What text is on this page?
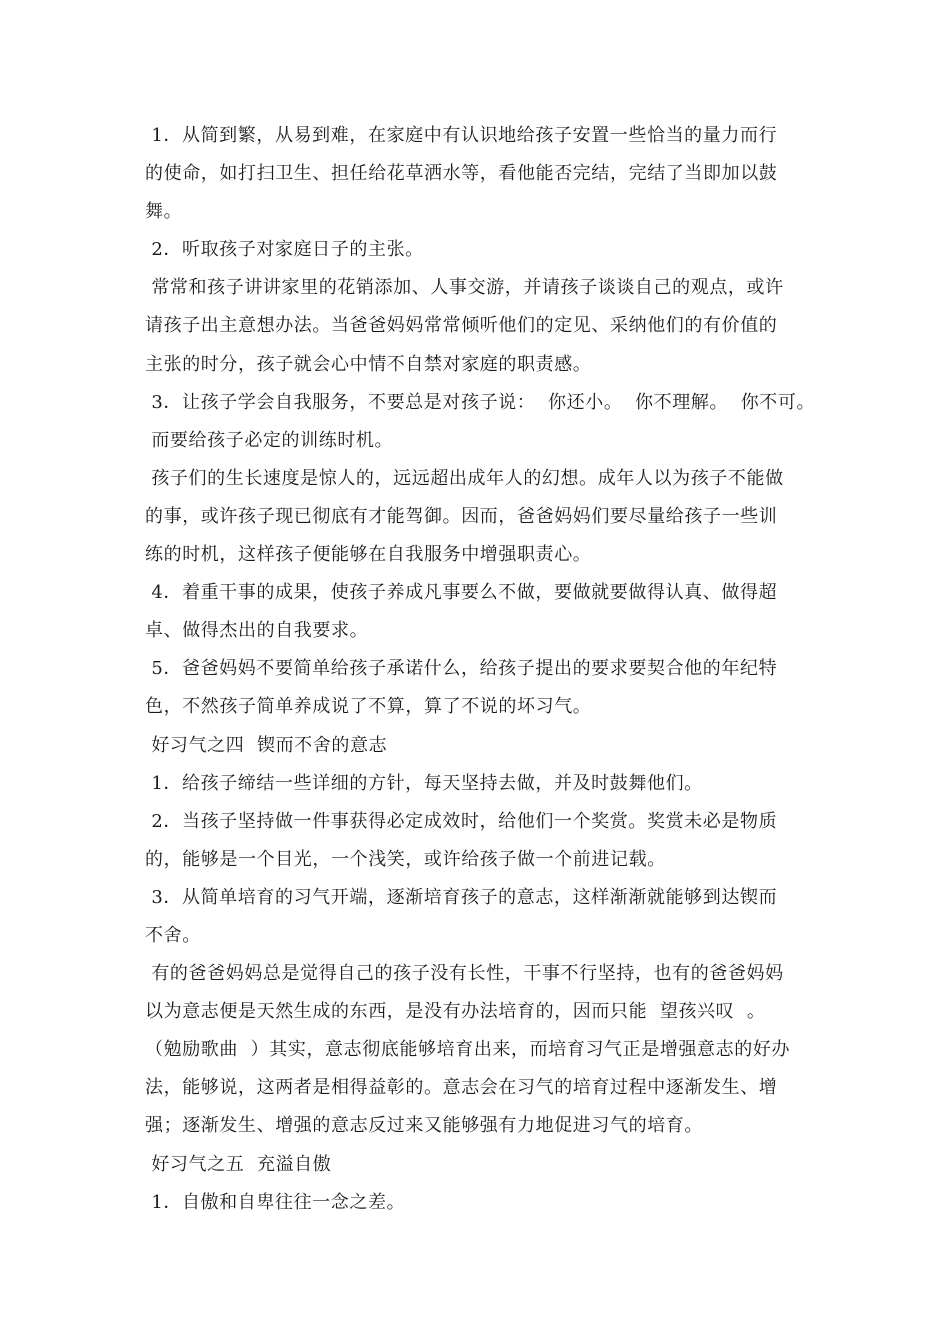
1．从简到繁，从易到难，在家庭中有认识地给孩子安置一些恰当的量力而行
的使命，如打扫卫生、担任给花草洒水等，看他能否完结，完结了当即加以鼓
舞。
2．听取孩子对家庭日子的主张。
常常和孩子讲讲家里的花销添加、人事交游，并请孩子谈谈自己的观点，或许
请孩子出主意想办法。当爸爸妈妈常常倾听他们的定见、采纳他们的有价值的
主张的时分，孩子就会心中情不自禁对家庭的职责感。
3．让孩子学会自我服务，不要总是对孩子说：  你还小。  你不理解。  你不可。
而要给孩子必定的训练时机。
孩子们的生长速度是惊人的，远远超出成年人的幻想。成年人以为孩子不能做
的事，或许孩子现已彻底有才能驾御。因而，爸爸妈妈们要尽量给孩子一些训
练的时机，这样孩子便能够在自我服务中增强职责心。
4．着重干事的成果，使孩子养成凡事要么不做，要做就要做得认真、做得超
卓、做得杰出的自我要求。
5．爸爸妈妈不要简单给孩子承诺什么，给孩子提出的要求要契合他的年纪特
色，不然孩子简单养成说了不算，算了不说的坏习气。
好习气之四  锲而不舍的意志
1．给孩子缔结一些详细的方针，每天坚持去做，并及时鼓舞他们。
2．当孩子坚持做一件事获得必定成效时，给他们一个奖赏。奖赏未必是物质
的，能够是一个目光，一个浅笑，或许给孩子做一个前进记载。
3．从简单培育的习气开端，逐渐培育孩子的意志，这样渐渐就能够到达锲而
不舍。
有的爸爸妈妈总是觉得自己的孩子没有长性，干事不行坚持，也有的爸爸妈妈
以为意志便是天然生成的东西，是没有办法培育的，因而只能  望孩兴叹  。
（勉励歌曲  ）其实，意志彻底能够培育出来，而培育习气正是增强意志的好办
法，能够说，这两者是相得益彰的。意志会在习气的培育过程中逐渐发生、增
强；逐渐发生、增强的意志反过来又能够强有力地促进习气的培育。
好习气之五  充溢自傲
1．自傲和自卑往往一念之差。
